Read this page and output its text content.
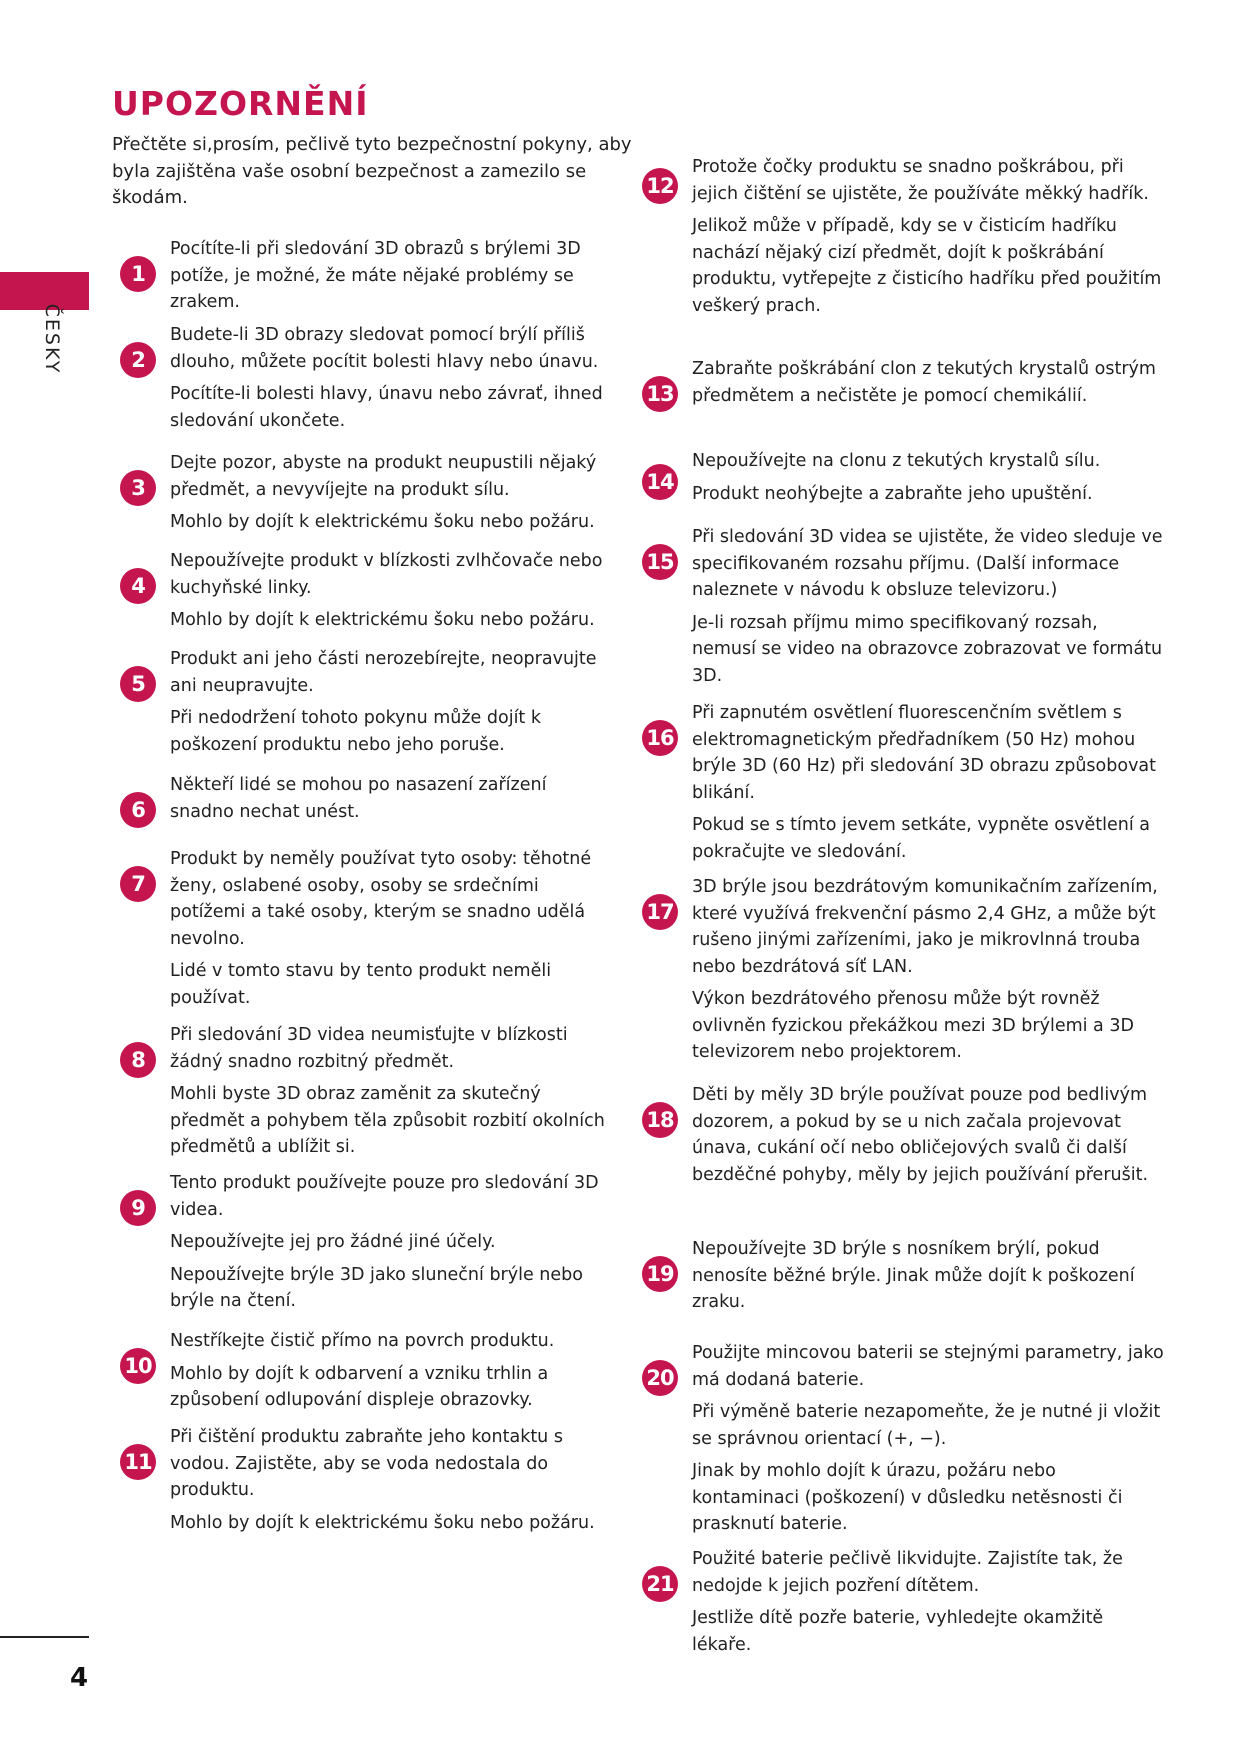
ČESKY
4
UPOZORNĚNÍ

Přečtěte si,prosím, pečlivě tyto bezpečnostní pokyny, aby byla zajištěna vaše osobní bezpečnost a zamezilo se škodám.

1

Pocítíte-li při sledování 3D obrazů s brýlemi 3D potíže, je možné, že máte nějaké problémy se zrakem.

2

Budete-li 3D obrazy sledovat pomocí brýlí příliš dlouho, můžete pocítit bolesti hlavy nebo únavu.

Pocítíte-li bolesti hlavy, únavu nebo závrať, ihned sledování ukončete.

3

Dejte pozor, abyste na produkt neupustili nějaký předmět, a nevyvíjejte na produkt sílu.

Mohlo by dojít k elektrickému šoku nebo požáru.

4

Nepoužívejte produkt v blízkosti zvlhčovače nebo kuchyňské linky.

Mohlo by dojít k elektrickému šoku nebo požáru.

5

Produkt ani jeho části nerozebírejte, neopravujte ani neupravujte.

Při nedodržení tohoto pokynu může dojít k poškození produktu nebo jeho poruše.

6

Někteří lidé se mohou po nasazení zařízení snadno nechat unést.

7

Produkt by neměly používat tyto osoby: těhotné ženy, oslabené osoby, osoby se srdečními potížemi a také osoby, kterým se snadno udělá nevolno.

Lidé v tomto stavu by tento produkt neměli používat.

8

Při sledování 3D videa neumisťujte v blízkosti žádný snadno rozbitný předmět.

Mohli byste 3D obraz zaměnit za skutečný předmět a pohybem těla způsobit rozbití okolních předmětů a ublížit si.

9

Tento produkt používejte pouze pro sledování 3D videa.

Nepoužívejte jej pro žádné jiné účely.

Nepoužívejte brýle 3D jako sluneční brýle nebo brýle na čtení.

10

Nestříkejte čistič přímo na povrch produktu.

Mohlo by dojít k odbarvení a vzniku trhlin a způsobení odlupování displeje obrazovky.

11

Při čištění produktu zabraňte jeho kontaktu s vodou. Zajistěte, aby se voda nedostala do produktu.

Mohlo by dojít k elektrickému šoku nebo požáru.

12

Protože čočky produktu se snadno poškrábou, při jejich čištění se ujistěte, že používáte měkký hadřík.

Jelikož může v případě, kdy se v čisticím hadříku nachází nějaký cizí předmět, dojít k poškrábání produktu, vytřepejte z čisticího hadříku před použitím veškerý prach.

13

Zabraňte poškrábání clon z tekutých krystalů ostrým předmětem a nečistěte je pomocí chemikálií.

14

Nepoužívejte na clonu z tekutých krystalů sílu.

Produkt neohýbejte a zabraňte jeho upuštění.

15

Při sledování 3D videa se ujistěte, že video sleduje ve specifikovaném rozsahu příjmu. (Další informace naleznete v návodu k obsluze televizoru.)

Je-li rozsah příjmu mimo specifikovaný rozsah, nemusí se video na obrazovce zobrazovat ve formátu 3D.

16

Při zapnutém osvětlení fluorescenčním světlem s elektromagnetickým předřadníkem (50 Hz) mohou brýle 3D (60 Hz) při sledování 3D obrazu způsobovat blikání.

Pokud se s tímto jevem setkáte, vypněte osvětlení a pokračujte ve sledování.

17

3D brýle jsou bezdrátovým komunikačním zařízením, které využívá frekvenční pásmo 2,4 GHz, a může být rušeno jinými zařízeními, jako je mikrovlnná trouba nebo bezdrátová síť LAN.

Výkon bezdrátového přenosu může být rovněž ovlivněn fyzickou překážkou mezi 3D brýlemi a 3D televizorem nebo projektorem.

18

Děti by měly 3D brýle používat pouze pod bedlivým dozorem, a pokud by se u nich začala projevovat únava, cukání očí nebo obličejových svalů či další bezděčné pohyby, měly by jejich používání přerušit.

19

Nepoužívejte 3D brýle s nosníkem brýlí, pokud nenosíte běžné brýle. Jinak může dojít k poškození zraku.

20

Použijte mincovou baterii se stejnými parametry, jako má dodaná baterie.

Při výměně baterie nezapomeňte, že je nutné ji vložit se správnou orientací (+, −).

Jinak by mohlo dojít k úrazu, požáru nebo kontaminaci (poškození) v důsledku netěsnosti či prasknutí baterie.

21

Použité baterie pečlivě likvidujte. Zajistíte tak, že nedojde k jejich pozření dítětem.

Jestliže dítě pozře baterie, vyhledejte okamžitě lékaře.
